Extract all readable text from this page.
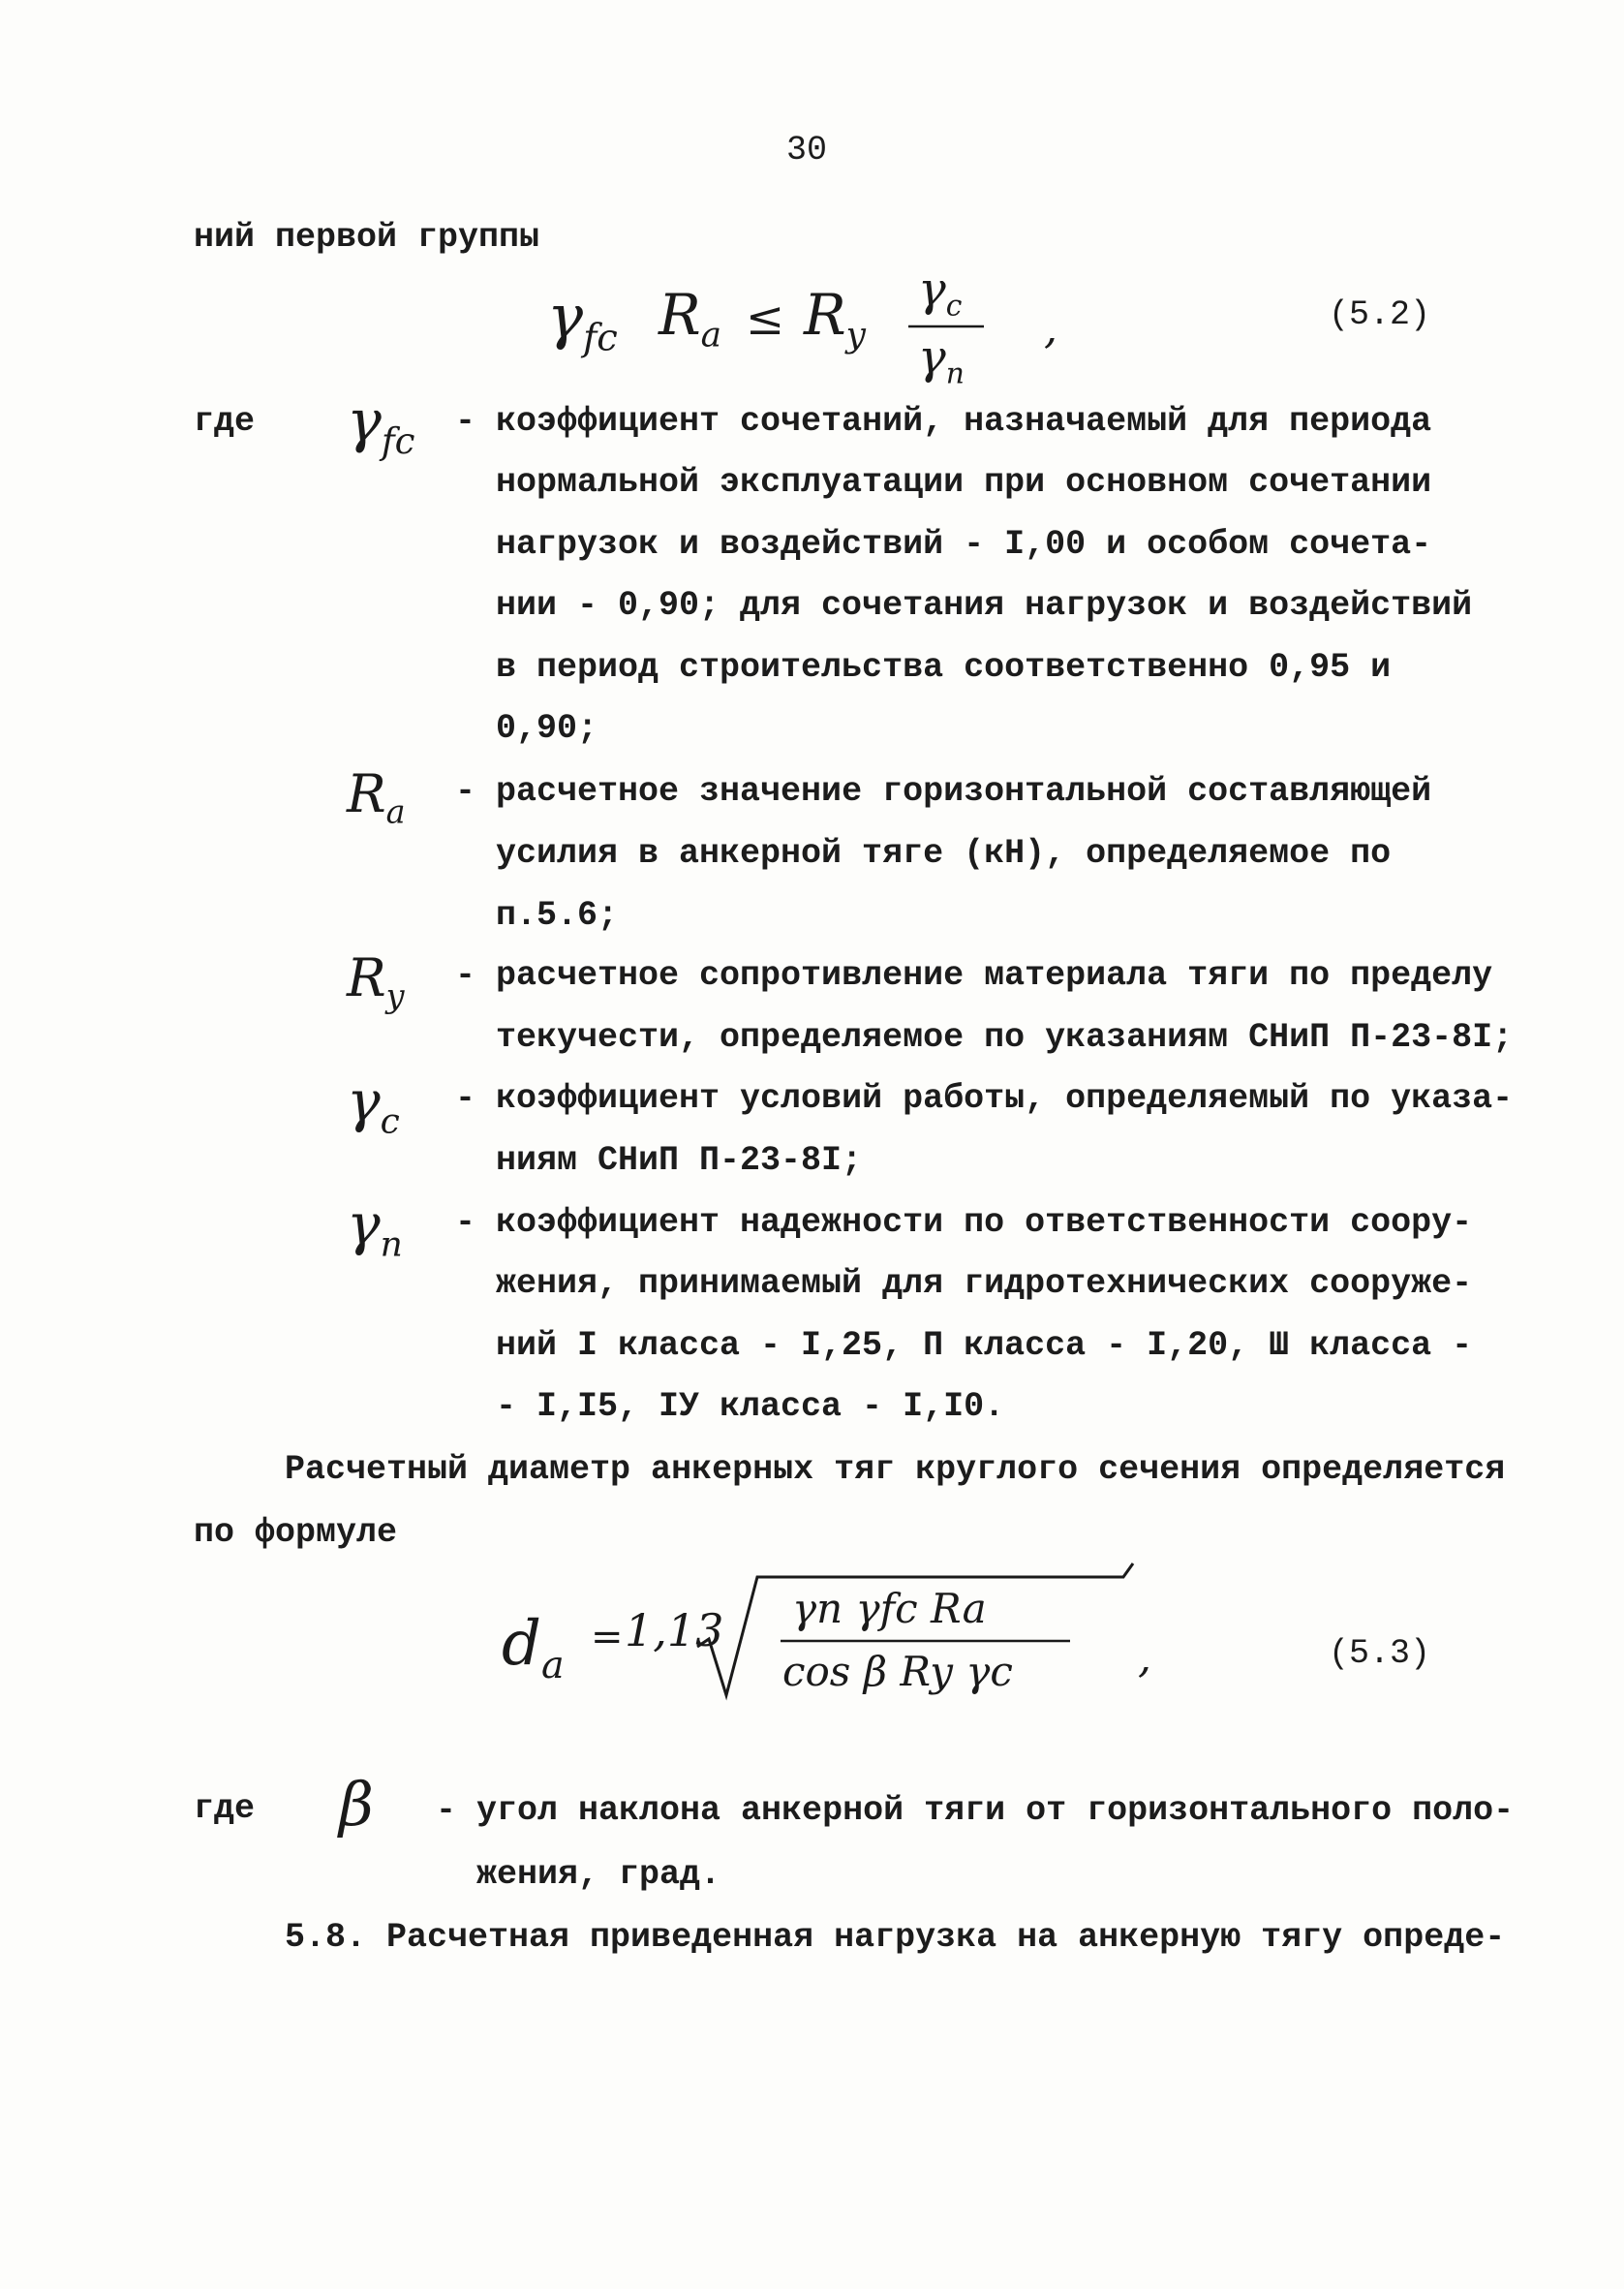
30
ний первой группы
$\gamma_{fc}$ $R_a \le R_y$
$\gamma_c$
$\gamma_n$
,	(5.2)
где $\gamma_{fc}$ - коэффициент сочетаний, назначаемый для периода
нормальной эксплуатации при основном сочетании
нагрузок и воздействий - I,00 и особом сочета-
нии - 0,90; для сочетания нагрузок и воздействий
в период строительства соответственно 0,95 и
0,90;
$R_a$
- расчетное значение горизонтальной составляющей
усилия в анкерной тяге (кН), определяемое по
п.5.6;
$R_y$
- расчетное сопротивление материала тяги по пределу
текучести, определяемое по указаниям СНиП П-23-8I;
$\gamma_c$
- коэффициент условий работы, определяемый по указа-
ниям СНиП П-23-8I;
$\gamma_n$
- коэффициент надежности по ответственности соору-
жения, принимаемый для гидротехнических сооруже-
ний I класса - I,25, П класса - I,20, Ш класса -
- I,I5, IУ класса - I,I0.
Расчетный диаметр анкерных тяг круглого сечения определяется
по формуле
$d_a$
= 1,13 γn γfc Ra
cos β Ry γc	,	(5.3)
где β - угол наклона анкерной тяги от горизонтального поло-
жения, град.
5.8. Расчетная приведенная нагрузка на анкерную тягу опреде-
